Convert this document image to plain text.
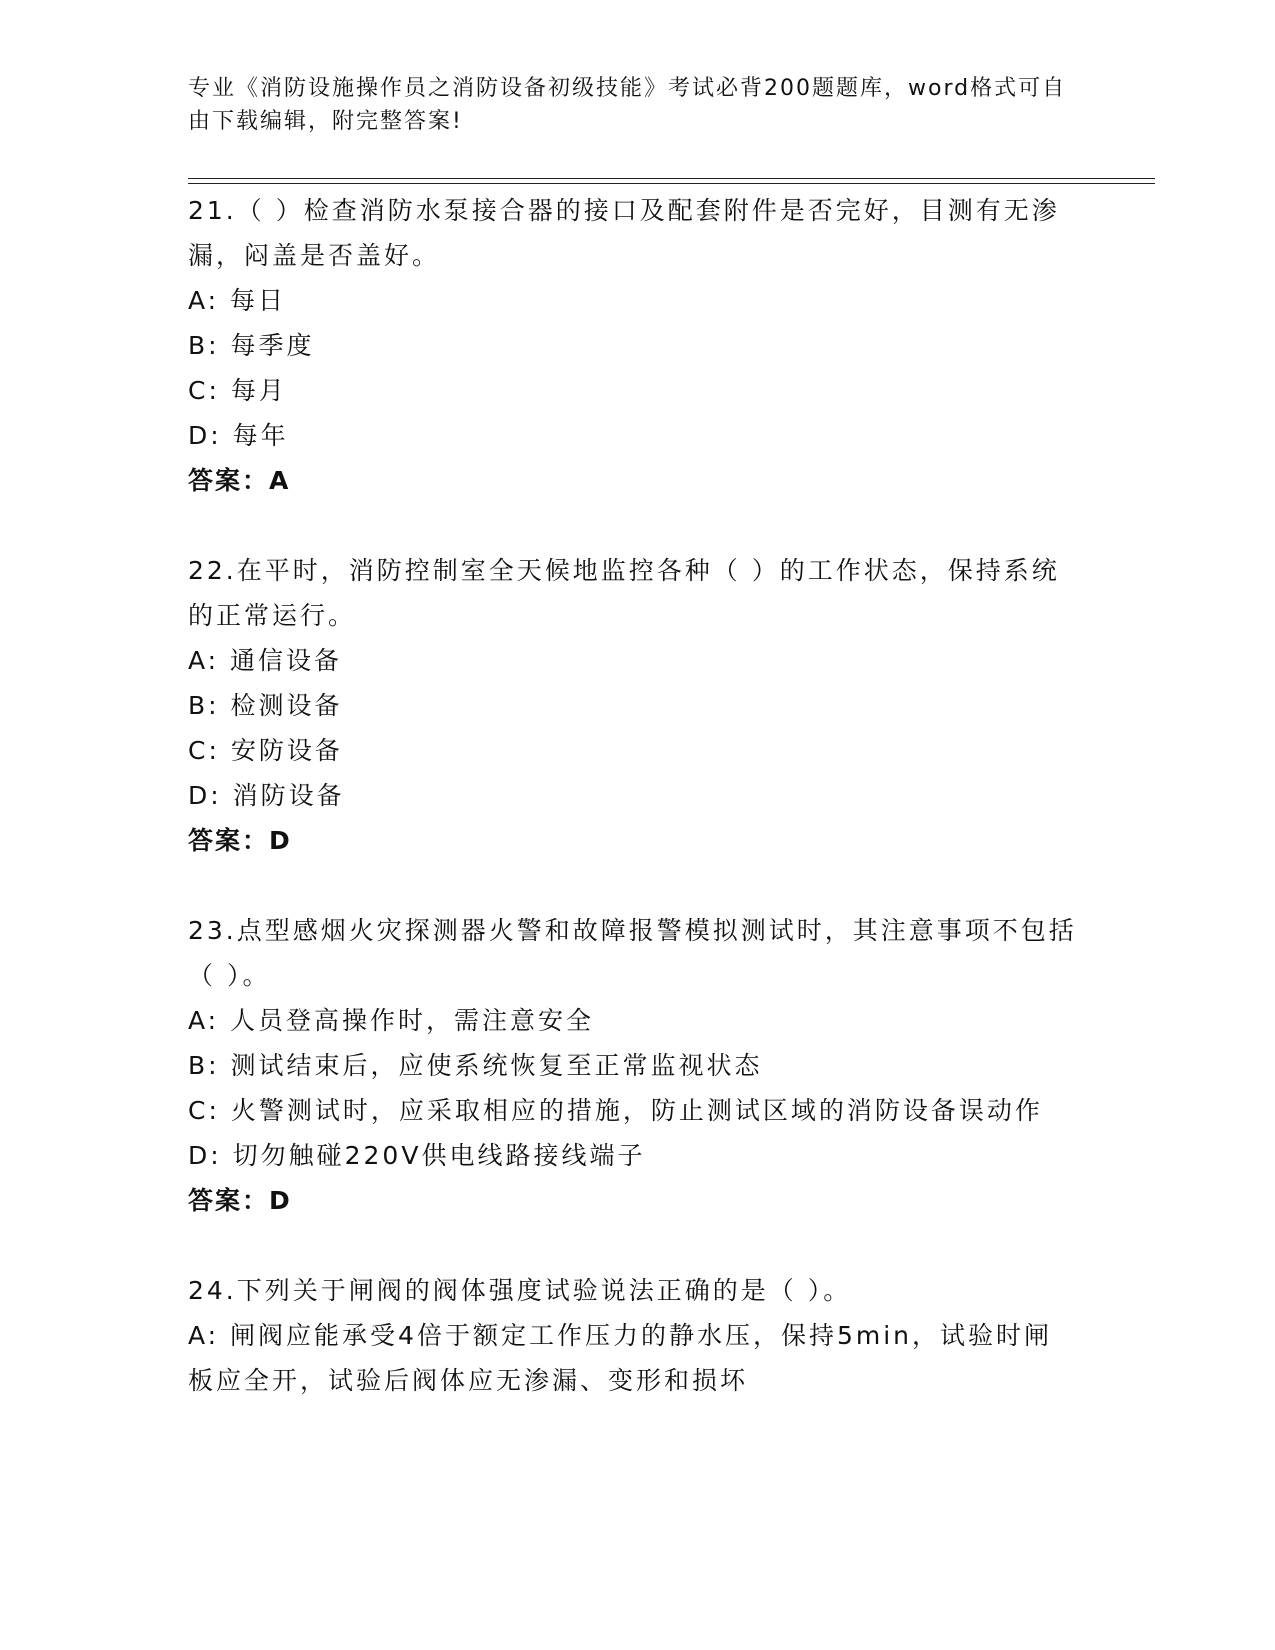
专业《消防设施操作员之消防设备初级技能》考试必背200题题库，word格式可自由下载编辑，附完整答案!

21.（ ）检查消防水泵接合器的接口及配套附件是否完好，目测有无渗漏，闷盖是否盖好。

A: 每日

B: 每季度

C: 每月

D: 每年

答案：A

22.在平时，消防控制室全天候地监控各种（ ）的工作状态，保持系统的正常运行。

A: 通信设备

B: 检测设备

C: 安防设备

D: 消防设备

答案：D

23.点型感烟火灾探测器火警和故障报警模拟测试时，其注意事项不包括（ ）。

A: 人员登高操作时，需注意安全

B: 测试结束后，应使系统恢复至正常监视状态

C: 火警测试时，应采取相应的措施，防止测试区域的消防设备误动作

D: 切勿触碰220V供电线路接线端子

答案：D

24.下列关于闸阀的阀体强度试验说法正确的是（ ）。

A: 闸阀应能承受4倍于额定工作压力的静水压，保持5min，试验时闸板应全开，试验后阀体应无渗漏、变形和损坏
